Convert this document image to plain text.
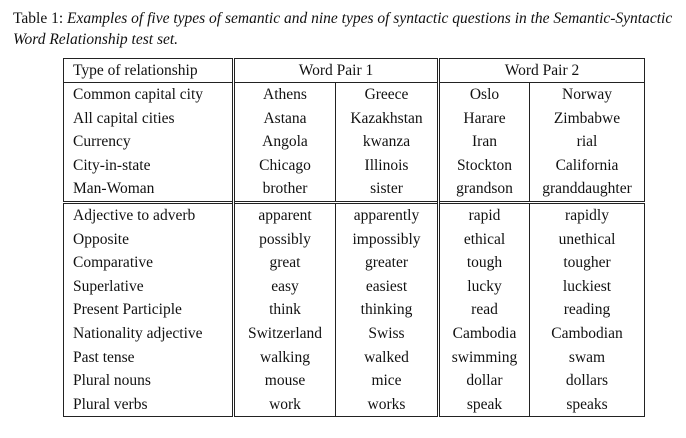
Table 1: Examples of five types of semantic and nine types of syntactic questions in the Semantic-Syntactic Word Relationship test set.
Type of relationship	Word Pair 1		Word Pair 2	
Common capital city	Athens	Greece	Oslo	Norway
All capital cities	Astana	Kazakhstan	Harare	Zimbabwe
Currency	Angola	kwanza	Iran	rial
City-in-state	Chicago	Illinois	Stockton	California
Man-Woman	brother	sister	grandson	granddaughter
Adjective to adverb	apparent	apparently	rapid	rapidly
Opposite	possibly	impossibly	ethical	unethical
Comparative	great	greater	tough	tougher
Superlative	easy	easiest	lucky	luckiest
Present Participle	think	thinking	read	reading
Nationality adjective	Switzerland	Swiss	Cambodia	Cambodian
Past tense	walking	walked	swimming	swam
Plural nouns	mouse	mice	dollar	dollars
Plural verbs	work	works	speak	speaks
